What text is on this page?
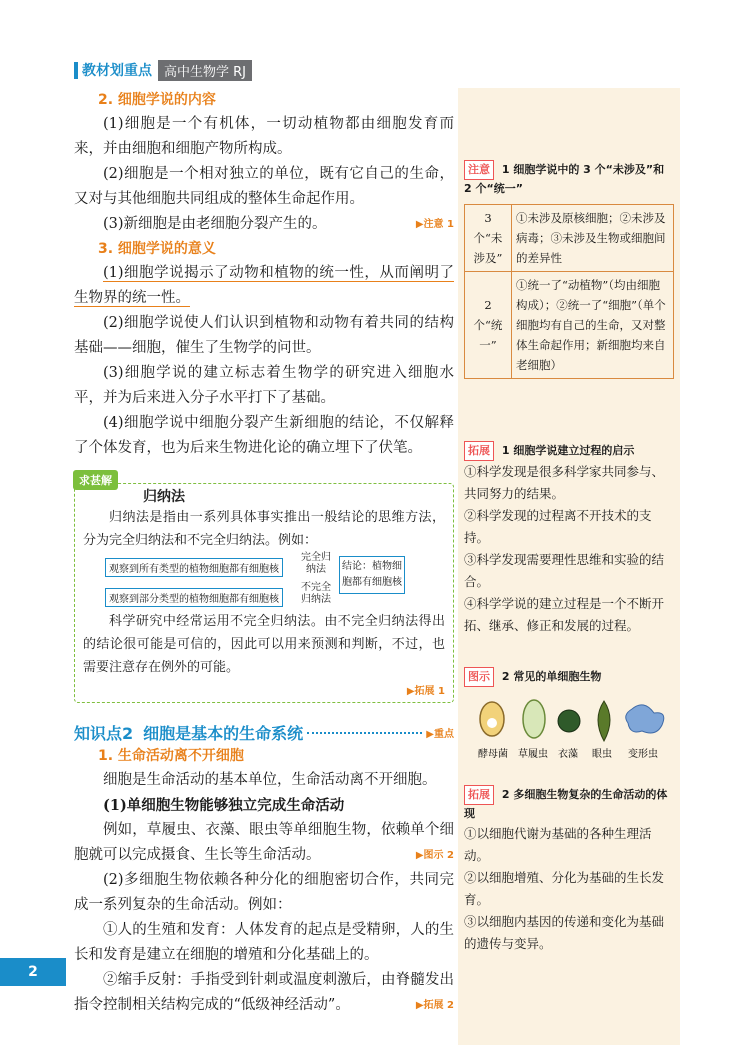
教材划重点 高中生物学 RJ
注意 1 细胞学说中的 3 个“未涉及”和 2 个“统一”
3 个“未涉及”	①未涉及原核细胞；②未涉及病毒；③未涉及生物或细胞间的差异性
2 个“统一”	①统一了“动植物”（均由细胞构成）；②统一了“细胞”（单个细胞均有自己的生命，又对整体生命起作用；新细胞均来自老细胞）
拓展 1 细胞学说建立过程的启示
①科学发现是很多科学家共同参与、共同努力的结果。
②科学发现的过程离不开技术的支持。
③科学发现需要理性思维和实验的结合。
④科学学说的建立过程是一个不断开拓、继承、修正和发展的过程。
图示 2 常见的单细胞生物
酵母菌 草履虫 衣藻 眼虫 变形虫
拓展 2 多细胞生物复杂的生命活动的体现
①以细胞代谢为基础的各种生理活动。
②以细胞增殖、分化为基础的生长发育。
③以细胞内基因的传递和变化为基础的遗传与变异。
2. 细胞学说的内容

(1)细胞是一个有机体，一切动植物都由细胞发育而来，并由细胞和细胞产物所构成。

(2)细胞是一个相对独立的单位，既有它自己的生命，又对与其他细胞共同组成的整体生命起作用。

(3)新细胞是由老细胞分裂产生的。	▶注意 1

3. 细胞学说的意义

(1)细胞学说揭示了动物和植物的统一性，从而阐明了生物界的统一性。

(2)细胞学说使人们认识到植物和动物有着共同的结构基础——细胞，催生了生物学的问世。

(3)细胞学说的建立标志着生物学的研究进入细胞水平，并为后来进入分子水平打下了基础。

(4)细胞学说中细胞分裂产生新细胞的结论，不仅解释了个体发育，也为后来生物进化论的确立埋下了伏笔。

求甚解
归纳法

归纳法是指由一系列具体事实推出一般结论的思维方法，分为完全归纳法和不完全归纳法。例如：

观察到所有类型的植物细胞都有细胞核
观察到部分类型的植物细胞都有细胞核
完全归纳法
不完全归纳法
结论：植物细胞都有细胞核

科学研究中经常运用不完全归纳法。由不完全归纳法得出的结论很可能是可信的，因此可以用来预测和判断，不过，也需要注意存在例外的可能。

▶拓展 1
知识点2 细胞是基本的生命系统	▶重点
1. 生命活动离不开细胞

细胞是生命活动的基本单位，生命活动离不开细胞。

(1)单细胞生物能够独立完成生命活动

例如，草履虫、衣藻、眼虫等单细胞生物，依赖单个细胞就可以完成摄食、生长等生命活动。	▶图示 2

(2)多细胞生物依赖各种分化的细胞密切合作，共同完成一系列复杂的生命活动。例如：

①人的生殖和发育：人体发育的起点是受精卵，人的生长和发育是建立在细胞的增殖和分化基础上的。

②缩手反射：手指受到针刺或温度刺激后，由脊髓发出指令控制相关结构完成的“低级神经活动”。	▶拓展 2

2
